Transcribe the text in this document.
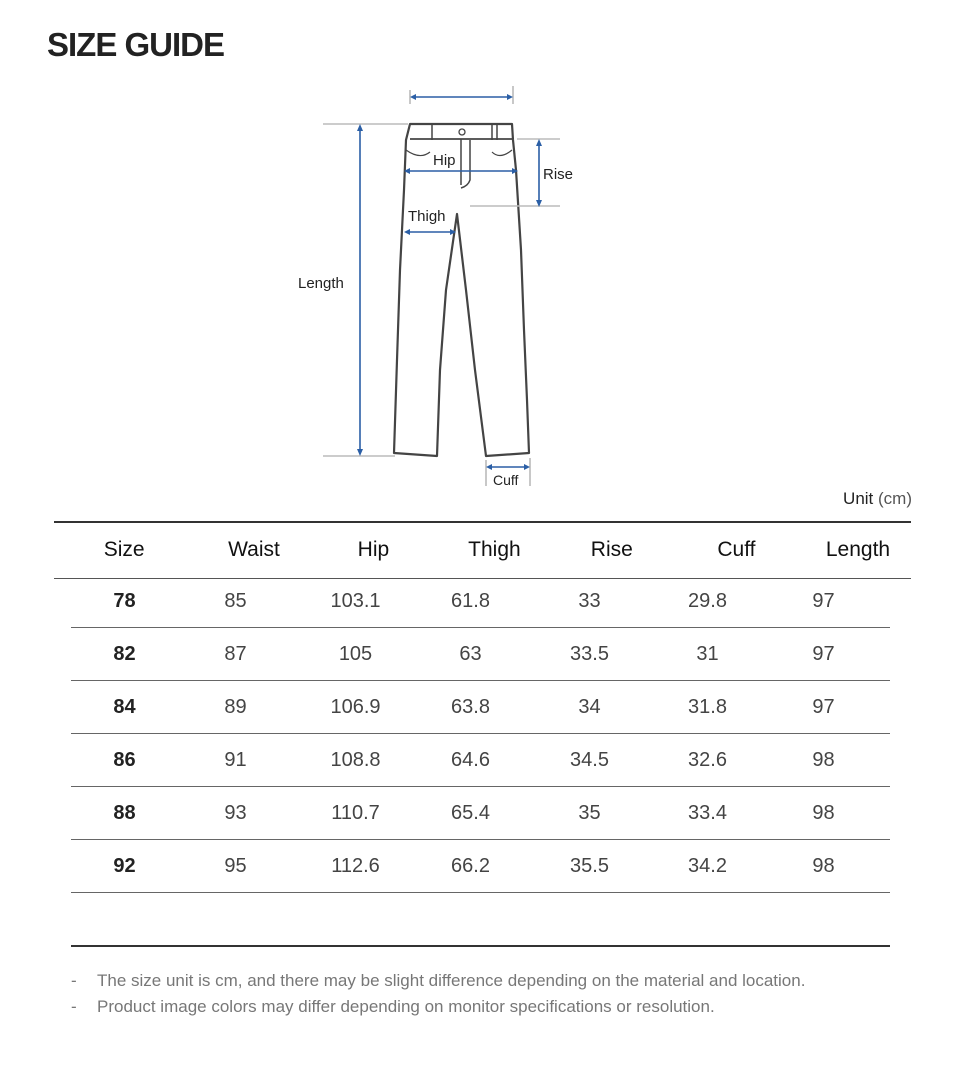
SIZE GUIDE
Hip
Rise
Thigh
Length
Cuff
Unit (cm)
Size	Waist	Hip	Thigh	Rise	Cuff	Length
78	85	103.1	61.8	33	29.8	97
82	87	105	63	33.5	31	97
84	89	106.9	63.8	34	31.8	97
86	91	108.8	64.6	34.5	32.6	98
88	93	110.7	65.4	35	33.4	98
92	95	112.6	66.2	35.5	34.2	98
-	The size unit is cm, and there may be slight difference depending on the material and location.
-	Product image colors may differ depending on monitor specifications or resolution.
